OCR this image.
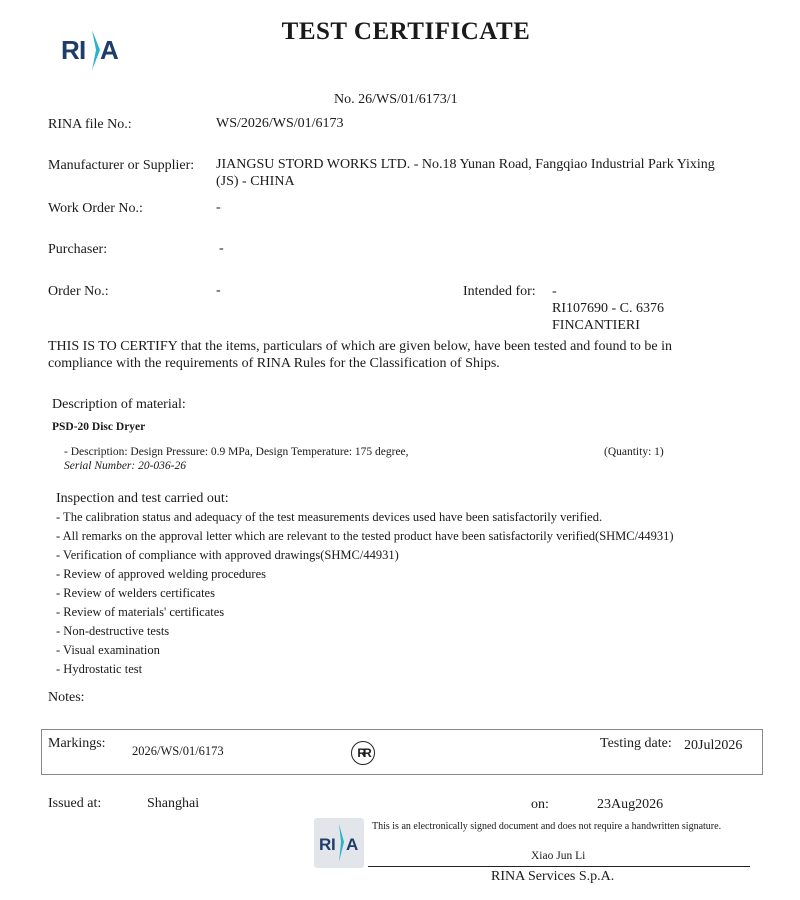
R I A
TEST CERTIFICATE
No. 26/WS/01/6173/1
RINA file No.:	WS/2026/WS/01/6173
Manufacturer or Supplier: JIANGSU STORD WORKS LTD. - No.18 Yunan Road, Fangqiao Industrial Park Yixing
(JS) - CHINA
Work Order No.:	-
Purchaser:	-
Order No.:	-	Intended for: -
RI107690 - C. 6376
FINCANTIERI
THIS IS TO CERTIFY that the items, particulars of which are given below, have been tested and found to be in
compliance with the requirements of RINA Rules for the Classification of Ships.
Description of material:
PSD-20 Disc Dryer
- Description: Design Pressure: 0.9 MPa, Design Temperature: 175 degree,	(Quantity: 1)
Serial Number: 20-036-26
Inspection and test carried out:
- The calibration status and adequacy of the test measurements devices used have been satisfactorily verified.
- All remarks on the approval letter which are relevant to the tested product have been satisfactorily verified(SHMC/44931)
- Verification of compliance with approved drawings(SHMC/44931)
- Review of approved welding procedures
- Review of welders certificates
- Review of materials' certificates
- Non-destructive tests
- Visual examination
- Hydrostatic test
Notes:
Markings: 2026/WS/01/6173	RR
Testing date: 20Jul2026
Issued at:	Shanghai	on:	23Aug2026
R I A
This is an electronically signed document and does not require a handwritten signature.
Xiao Jun Li
RINA Services S.p.A.
